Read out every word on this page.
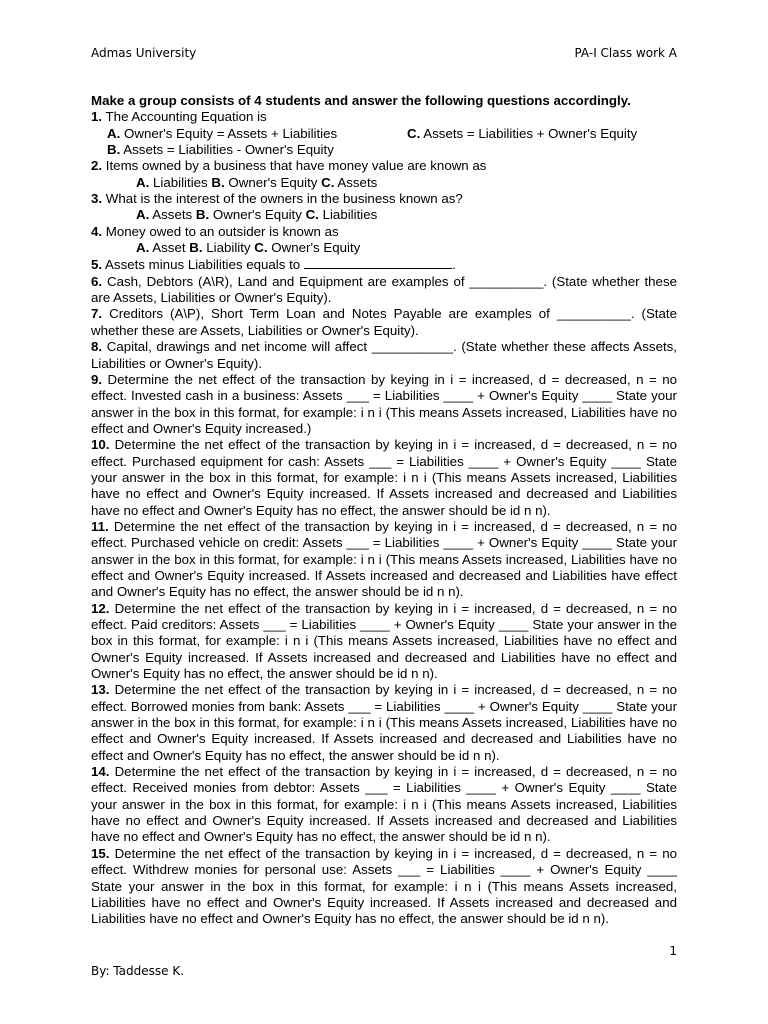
Admas University	PA-I Class work A

Make a group consists of 4 students and answer the following questions accordingly.

1. The Accounting Equation is

A. Owner's Equity = Assets + Liabilities	C. Assets = Liabilities + Owner's Equity

B. Assets = Liabilities - Owner's Equity

2. Items owned by a business that have money value are known as

A. Liabilities B. Owner's Equity C. Assets

3. What is the interest of the owners in the business known as?

A. Assets B. Owner's Equity C. Liabilities

4. Money owed to an outsider is known as

A. Asset B. Liability C. Owner's Equity

5. Assets minus Liabilities equals to	.

6. Cash, Debtors (A\R), Land and Equipment are examples of __________. (State whether these are Assets, Liabilities or Owner's Equity).

7. Creditors (A\P), Short Term Loan and Notes Payable are examples of __________. (State whether these are Assets, Liabilities or Owner's Equity).

8. Capital, drawings and net income will affect ___________. (State whether these affects Assets, Liabilities or Owner's Equity).

9. Determine the net effect of the transaction by keying in i = increased, d = decreased, n = no effect. Invested cash in a business: Assets ___ = Liabilities ____ + Owner's Equity ____ State your answer in the box in this format, for example: i n i (This means Assets increased, Liabilities have no effect and Owner's Equity increased.)

10. Determine the net effect of the transaction by keying in i = increased, d = decreased, n = no effect. Purchased equipment for cash: Assets ___ = Liabilities ____ + Owner's Equity ____ State your answer in the box in this format, for example: i n i (This means Assets increased, Liabilities have no effect and Owner's Equity increased. If Assets increased and decreased and Liabilities have no effect and Owner's Equity has no effect, the answer should be id n n).

11. Determine the net effect of the transaction by keying in i = increased, d = decreased, n = no effect. Purchased vehicle on credit: Assets ___ = Liabilities ____ + Owner's Equity ____ State your answer in the box in this format, for example: i n i (This means Assets increased, Liabilities have no effect and Owner's Equity increased. If Assets increased and decreased and Liabilities have effect and Owner's Equity has no effect, the answer should be id n n).

12. Determine the net effect of the transaction by keying in i = increased, d = decreased, n = no effect. Paid creditors: Assets ___ = Liabilities ____ + Owner's Equity ____ State your answer in the box in this format, for example: i n i (This means Assets increased, Liabilities have no effect and Owner's Equity increased. If Assets increased and decreased and Liabilities have no effect and Owner's Equity has no effect, the answer should be id n n).

13. Determine the net effect of the transaction by keying in i = increased, d = decreased, n = no effect. Borrowed monies from bank: Assets ___ = Liabilities ____ + Owner's Equity ____ State your answer in the box in this format, for example: i n i (This means Assets increased, Liabilities have no effect and Owner's Equity increased. If Assets increased and decreased and Liabilities have no effect and Owner's Equity has no effect, the answer should be id n n).

14. Determine the net effect of the transaction by keying in i = increased, d = decreased, n = no effect. Received monies from debtor: Assets ___ = Liabilities ____ + Owner's Equity ____ State your answer in the box in this format, for example: i n i (This means Assets increased, Liabilities have no effect and Owner's Equity increased. If Assets increased and decreased and Liabilities have no effect and Owner's Equity has no effect, the answer should be id n n).

15. Determine the net effect of the transaction by keying in i = increased, d = decreased, n = no effect. Withdrew monies for personal use: Assets ___ = Liabilities ____ + Owner's Equity ____ State your answer in the box in this format, for example: i n i (This means Assets increased, Liabilities have no effect and Owner's Equity increased. If Assets increased and decreased and Liabilities have no effect and Owner's Equity has no effect, the answer should be id n n).

1
By: Taddesse K.
